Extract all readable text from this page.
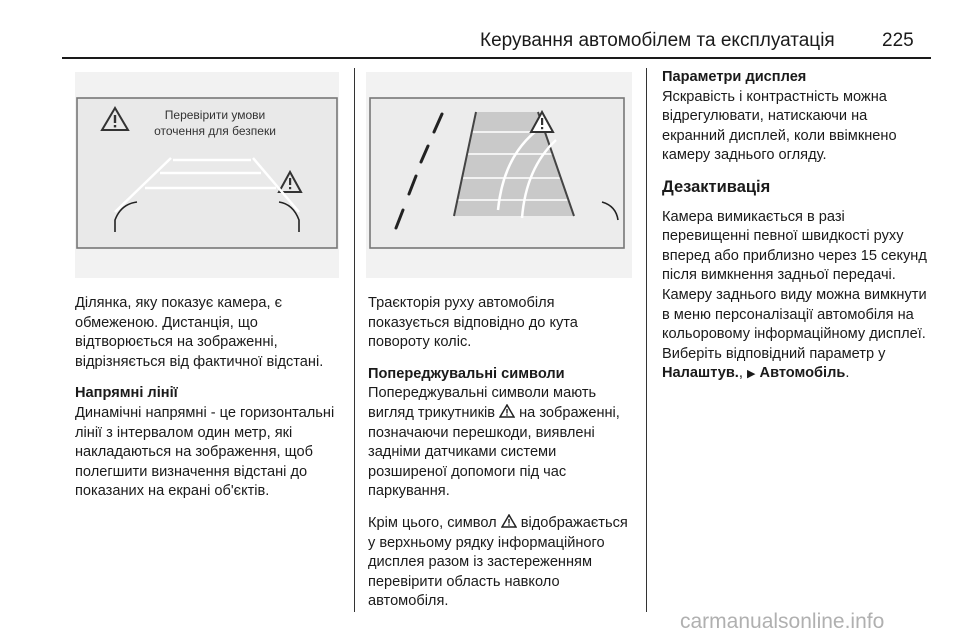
Керування автомобілем та експлуатація 225
Перевірити умови
оточення для безпеки

Ділянка, яку показує камера, є обмеженою. Дистанція, що відтворюється на зображенні, відрізняється від фактичної відстані.

Напрямні лінії
Динамічні напрямні - це горизонтальні лінії з інтервалом один метр, які накладаються на зображення, щоб полегшити визначення відстані до показаних на екрані об'єктів.

Траєкторія руху автомобіля показується відповідно до кута повороту коліс.

Попереджувальні символи
Попереджувальні символи мають вигляд трикутників на зображенні, позначаючи перешкоди, виявлені задніми датчиками системи розширеної допомоги під час паркування.

Крім цього, символ відображається у верхньому рядку інформаційного дисплея разом із застереженням перевірити область навколо автомобіля.

Параметри дисплея
Яскравість і контрастність можна відрегулювати, натискаючи на екранний дисплей, коли ввімкнено камеру заднього огляду.

Дезактивація

Камера вимикається в разі перевищенні певної швидкості руху вперед або приблизно через 15 секунд після вимкнення задньої передачі. Камеру заднього виду можна вимкнути в меню персоналізації автомобіля на кольоровому інформаційному дисплеї. Виберіть відповідний параметр у Налаштув., ▶ Автомобіль.

carmanualsonline.info
